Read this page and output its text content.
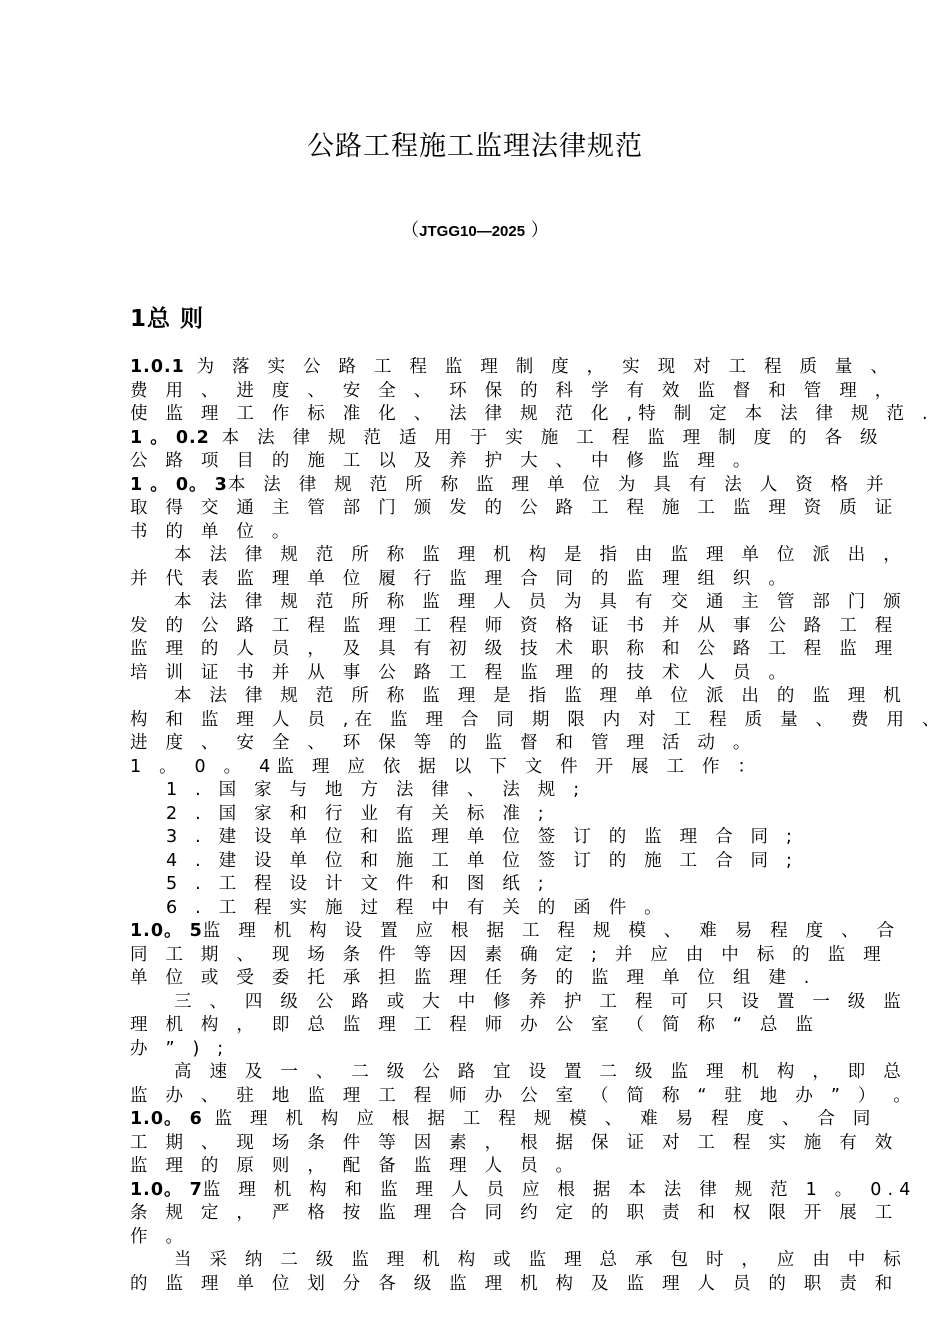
公路工程施工监理法律规范
（JTGG10—2025 ）
1总 则
1.0.1 为 落 实 公 路 工 程 监 理 制 度 ， 实 现 对 工 程 质 量 、
费 用 、 进 度 、 安 全 、 环 保 的 科 学 有 效 监 督 和 管 理 ，
使 监 理 工 作 标 准 化 、 法 律 规 范 化 ,特 制 定 本 法 律 规 范 .
1 。 0.2 本 法 律 规 范 适 用 于 实 施 工 程 监 理 制 度 的 各 级
公 路 项 目 的 施 工 以 及 养 护 大 、 中 修 监 理 。
1 。 0。 3本 法 律 规 范 所 称 监 理 单 位 为 具 有 法 人 资 格 并
取 得 交 通 主 管 部 门 颁 发 的 公 路 工 程 施 工 监 理 资 质 证
书 的 单 位 。
本 法 律 规 范 所 称 监 理 机 构 是 指 由 监 理 单 位 派 出 ，
并 代 表 监 理 单 位 履 行 监 理 合 同 的 监 理 组 织 。
本 法 律 规 范 所 称 监 理 人 员 为 具 有 交 通 主 管 部 门 颁
发 的 公 路 工 程 监 理 工 程 师 资 格 证 书 并 从 事 公 路 工 程
监 理 的 人 员 ， 及 具 有 初 级 技 术 职 称 和 公 路 工 程 监 理
培 训 证 书 并 从 事 公 路 工 程 监 理 的 技 术 人 员 。
本 法 律 规 范 所 称 监 理 是 指 监 理 单 位 派 出 的 监 理 机
构 和 监 理 人 员 ,在 监 理 合 同 期 限 内 对 工 程 质 量 、 费 用 、
进 度 、 安 全 、 环 保 等 的 监 督 和 管 理 活 动 。
1 。 0 。 4监 理 应 依 据 以 下 文 件 开 展 工 作 ：
1 . 国 家 与 地 方 法 律 、 法 规 ;
2 . 国 家 和 行 业 有 关 标 准 ;
3 . 建 设 单 位 和 监 理 单 位 签 订 的 监 理 合 同 ;
4 . 建 设 单 位 和 施 工 单 位 签 订 的 施 工 合 同 ;
5 . 工 程 设 计 文 件 和 图 纸 ;
6 . 工 程 实 施 过 程 中 有 关 的 函 件 。
1.0。 5监 理 机 构 设 置 应 根 据 工 程 规 模 、 难 易 程 度 、 合
同 工 期 、 现 场 条 件 等 因 素 确 定 ; 并 应 由 中 标 的 监 理
单 位 或 受 委 托 承 担 监 理 任 务 的 监 理 单 位 组 建 .
三 、 四 级 公 路 或 大 中 修 养 护 工 程 可 只 设 置 一 级 监
理 机 构 ， 即 总 监 理 工 程 师 办 公 室 （ 简 称 “ 总 监
办 ” ) ;
高 速 及 一 、 二 级 公 路 宜 设 置 二 级 监 理 机 构 ， 即 总
监 办 、 驻 地 监 理 工 程 师 办 公 室 （ 简 称 “ 驻 地 办 ” ） 。
1.0。 6 监 理 机 构 应 根 据 工 程 规 模 、 难 易 程 度 、 合 同
工 期 、 现 场 条 件 等 因 素 ， 根 据 保 证 对 工 程 实 施 有 效
监 理 的 原 则 ， 配 备 监 理 人 员 。
1.0。 7监 理 机 构 和 监 理 人 员 应 根 据 本 法 律 规 范 1 。 0.4
条 规 定 ， 严 格 按 监 理 合 同 约 定 的 职 责 和 权 限 开 展 工
作 。
当 采 纳 二 级 监 理 机 构 或 监 理 总 承 包 时 ， 应 由 中 标
的 监 理 单 位 划 分 各 级 监 理 机 构 及 监 理 人 员 的 职 责 和
